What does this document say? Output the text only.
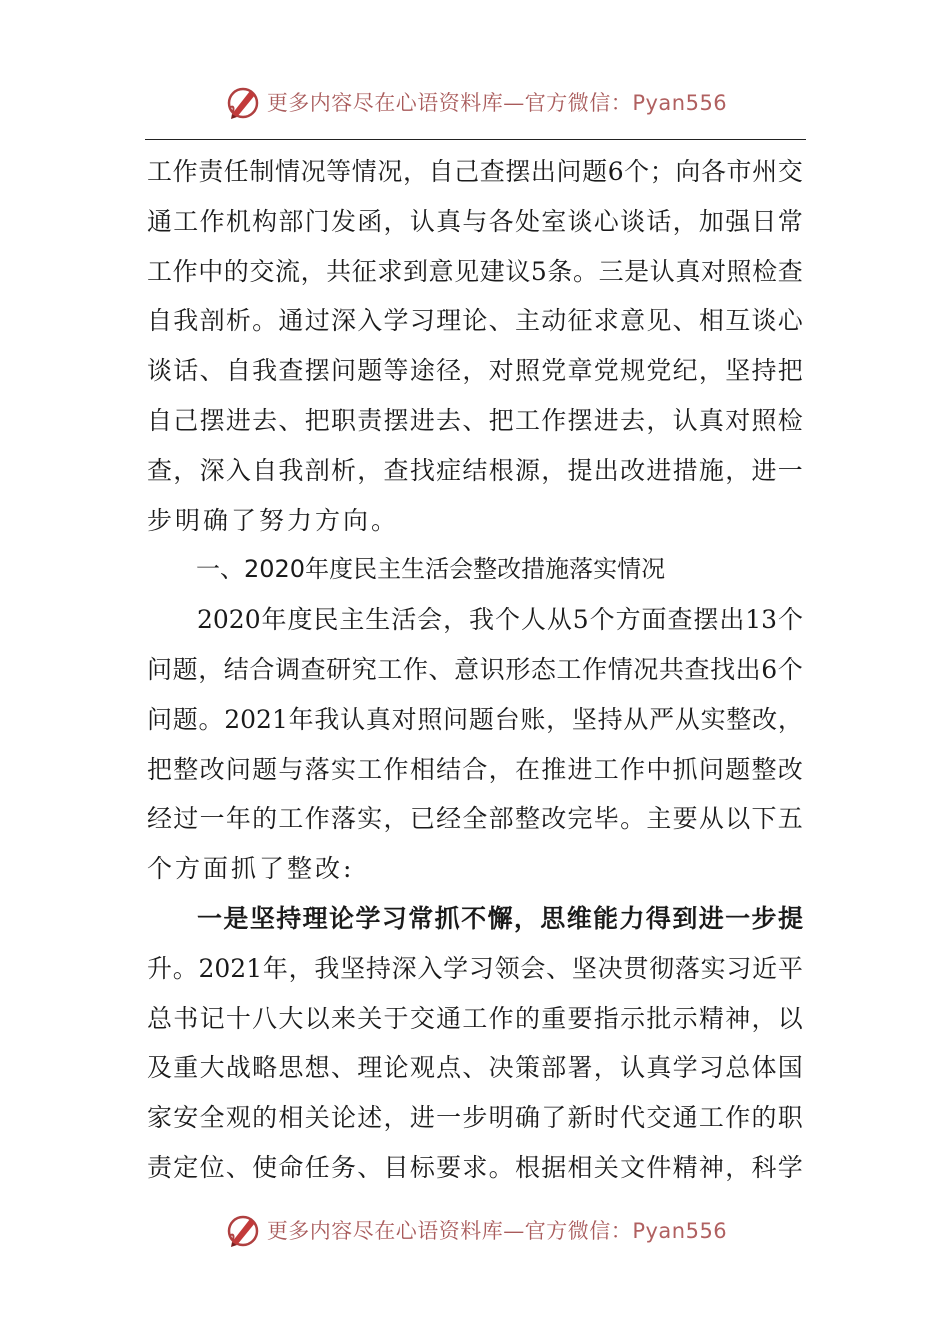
更多内容尽在心语资料库—官方微信：Pyan556
工 作 责 任 制 情 况 等 情 况 ， 自 己 查 摆 出 问 题 6 个 ； 向 各 市 州 交
通 工 作 机 构 部 门 发 函 ， 认 真 与 各 处 室 谈 心 谈 话 ， 加 强 日 常
工 作 中 的 交 流 ， 共 征 求 到 意 见 建 议 5 条 。 三 是 认 真 对 照 检 查
自 我 剖 析 。 通 过 深 入 学 习 理 论 、 主 动 征 求 意 见 、 相 互 谈 心
谈 话 、 自 我 查 摆 问 题 等 途 径 ， 对 照 党 章 党 规 党 纪 ， 坚 持 把
自 己 摆 进 去 、 把 职 责 摆 进 去 、 把 工 作 摆 进 去 ， 认 真 对 照 检
查 ， 深 入 自 我 剖 析 ， 查 找 症 结 根 源 ， 提 出 改 进 措 施 ， 进 一
步明确了努力方向。
一、2020年度民主生活会整改措施落实情况
2020 年 度 民 主 生 活 会 ， 我 个 人 从 5 个 方 面 查 摆 出 13 个
问 题 ， 结 合 调 查 研 究 工 作 、 意 识 形 态 工 作 情 况 共 查 找 出 6 个
问 题 。 2021 年 我 认 真 对 照 问 题 台 账 ， 坚 持 从 严 从 实 整 改 ，
把 整 改 问 题 与 落 实 工 作 相 结 合 ， 在 推 进 工 作 中 抓 问 题 整 改
经 过 一 年 的 工 作 落 实 ， 已 经 全 部 整 改 完 毕 。 主 要 从 以 下 五
个方面抓了整改:
一 是 坚 持 理 论 学 习 常 抓 不 懈 ， 思 维 能 力 得 到 进 一 步 提
升 。 2021 年 ， 我 坚 持 深 入 学 习 领 会 、 坚 决 贯 彻 落 实 习 近 平
总 书 记 十 八 大 以 来 关 于 交 通 工 作 的 重 要 指 示 批 示 精 神 ， 以
及 重 大 战 略 思 想 、 理 论 观 点 、 决 策 部 署 ， 认 真 学 习 总 体 国
家 安 全 观 的 相 关 论 述 ， 进 一 步 明 确 了 新 时 代 交 通 工 作 的 职
责 定 位 、 使 命 任 务 、 目 标 要 求 。 根 据 相 关 文 件 精 神 ， 科 学
更多内容尽在心语资料库—官方微信：Pyan556
